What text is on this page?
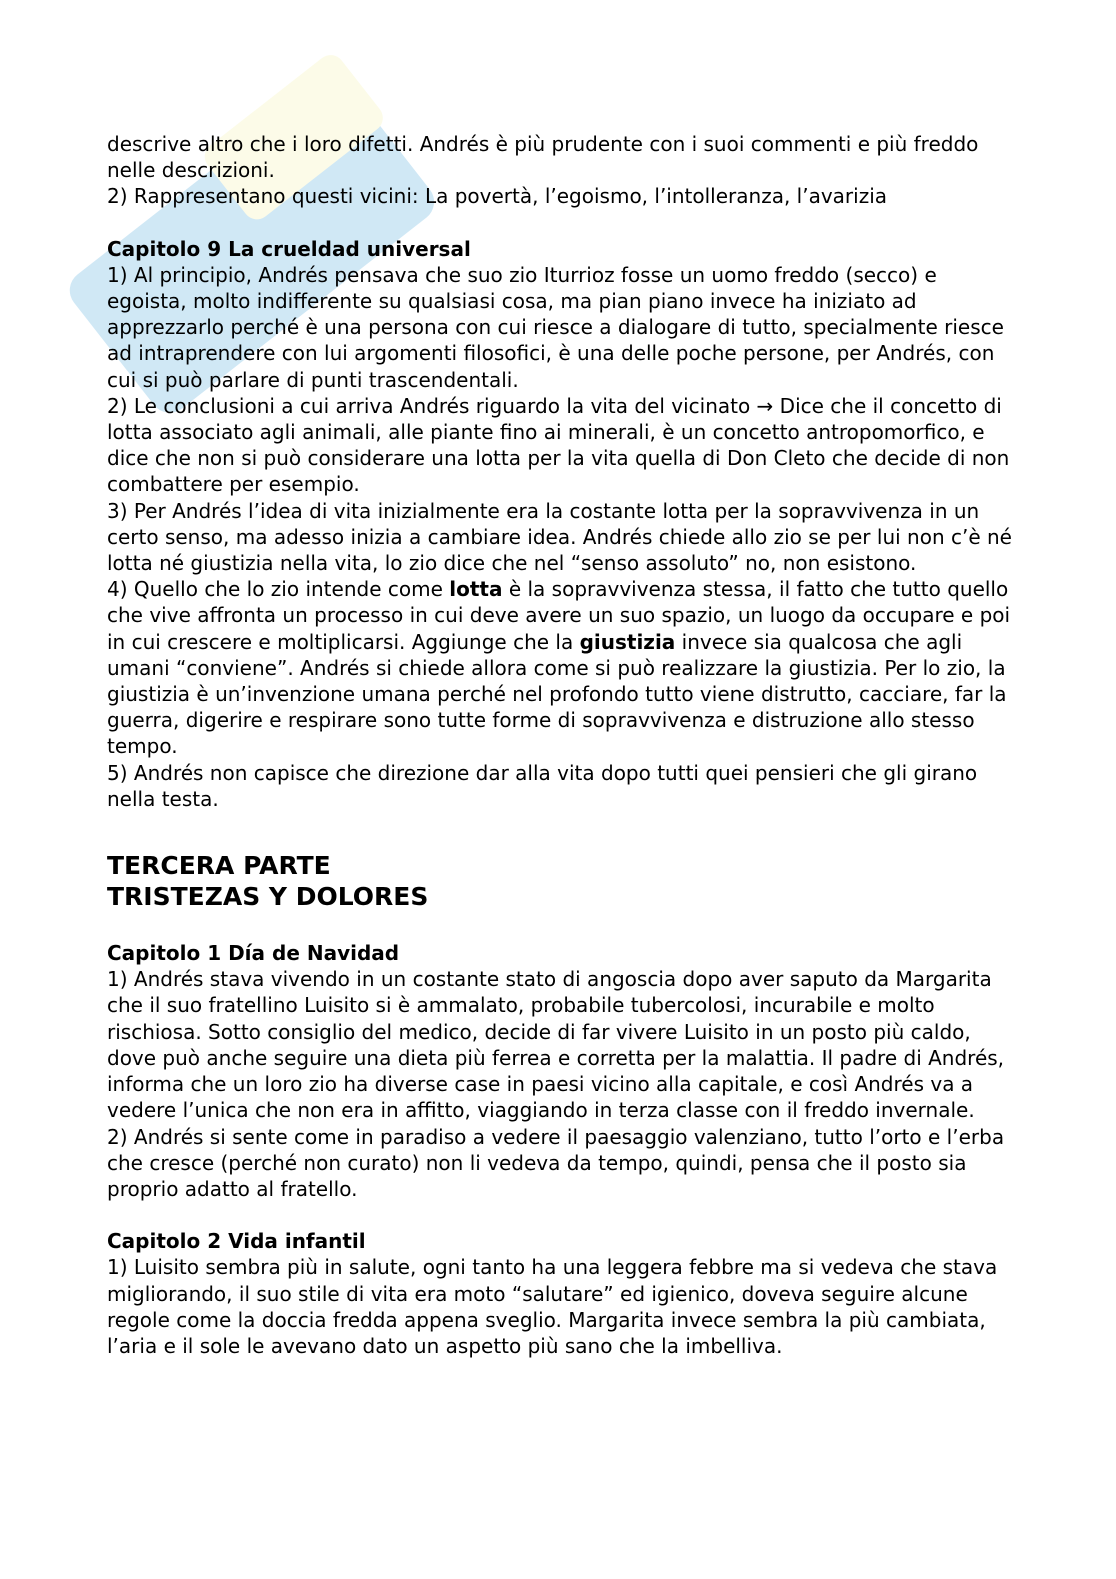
descrive altro che i loro difetti. Andrés è più prudente con i suoi commenti e più freddo nelle descrizioni.

2) Rappresentano questi vicini: La povertà, l’egoismo, l’intolleranza, l’avarizia

Capitolo 9 La crueldad universal

1) Al principio, Andrés pensava che suo zio Iturrioz fosse un uomo freddo (secco) e egoista, molto indifferente su qualsiasi cosa, ma pian piano invece ha iniziato ad apprezzarlo perché è una persona con cui riesce a dialogare di tutto, specialmente riesce ad intraprendere con lui argomenti filosofici, è una delle poche persone, per Andrés, con cui si può parlare di punti trascendentali.

2) Le conclusioni a cui arriva Andrés riguardo la vita del vicinato → Dice che il concetto di lotta associato agli animali, alle piante fino ai minerali, è un concetto antropomorfico, e dice che non si può considerare una lotta per la vita quella di Don Cleto che decide di non combattere per esempio.

3) Per Andrés l’idea di vita inizialmente era la costante lotta per la sopravvivenza in un certo senso, ma adesso inizia a cambiare idea. Andrés chiede allo zio se per lui non c’è né lotta né giustizia nella vita, lo zio dice che nel “senso assoluto” no, non esistono.

4) Quello che lo zio intende come lotta è la sopravvivenza stessa, il fatto che tutto quello che vive affronta un processo in cui deve avere un suo spazio, un luogo da occupare e poi in cui crescere e moltiplicarsi. Aggiunge che la giustizia invece sia qualcosa che agli umani “conviene”. Andrés si chiede allora come si può realizzare la giustizia. Per lo zio, la giustizia è un’invenzione umana perché nel profondo tutto viene distrutto, cacciare, far la guerra, digerire e respirare sono tutte forme di sopravvivenza e distruzione allo stesso tempo.

5) Andrés non capisce che direzione dar alla vita dopo tutti quei pensieri che gli girano nella testa.

TERCERA PARTE

TRISTEZAS Y DOLORES

Capitolo 1 Día de Navidad

1) Andrés stava vivendo in un costante stato di angoscia dopo aver saputo da Margarita che il suo fratellino Luisito si è ammalato, probabile tubercolosi, incurabile e molto rischiosa. Sotto consiglio del medico, decide di far vivere Luisito in un posto più caldo, dove può anche seguire una dieta più ferrea e corretta per la malattia. Il padre di Andrés, informa che un loro zio ha diverse case in paesi vicino alla capitale, e così Andrés va a vedere l’unica che non era in affitto, viaggiando in terza classe con il freddo invernale.

2) Andrés si sente come in paradiso a vedere il paesaggio valenziano, tutto l’orto e l’erba che cresce (perché non curato) non li vedeva da tempo, quindi, pensa che il posto sia proprio adatto al fratello.

Capitolo 2 Vida infantil

1) Luisito sembra più in salute, ogni tanto ha una leggera febbre ma si vedeva che stava migliorando, il suo stile di vita era moto “salutare” ed igienico, doveva seguire alcune regole come la doccia fredda appena sveglio. Margarita invece sembra la più cambiata, l’aria e il sole le avevano dato un aspetto più sano che la imbelliva.
